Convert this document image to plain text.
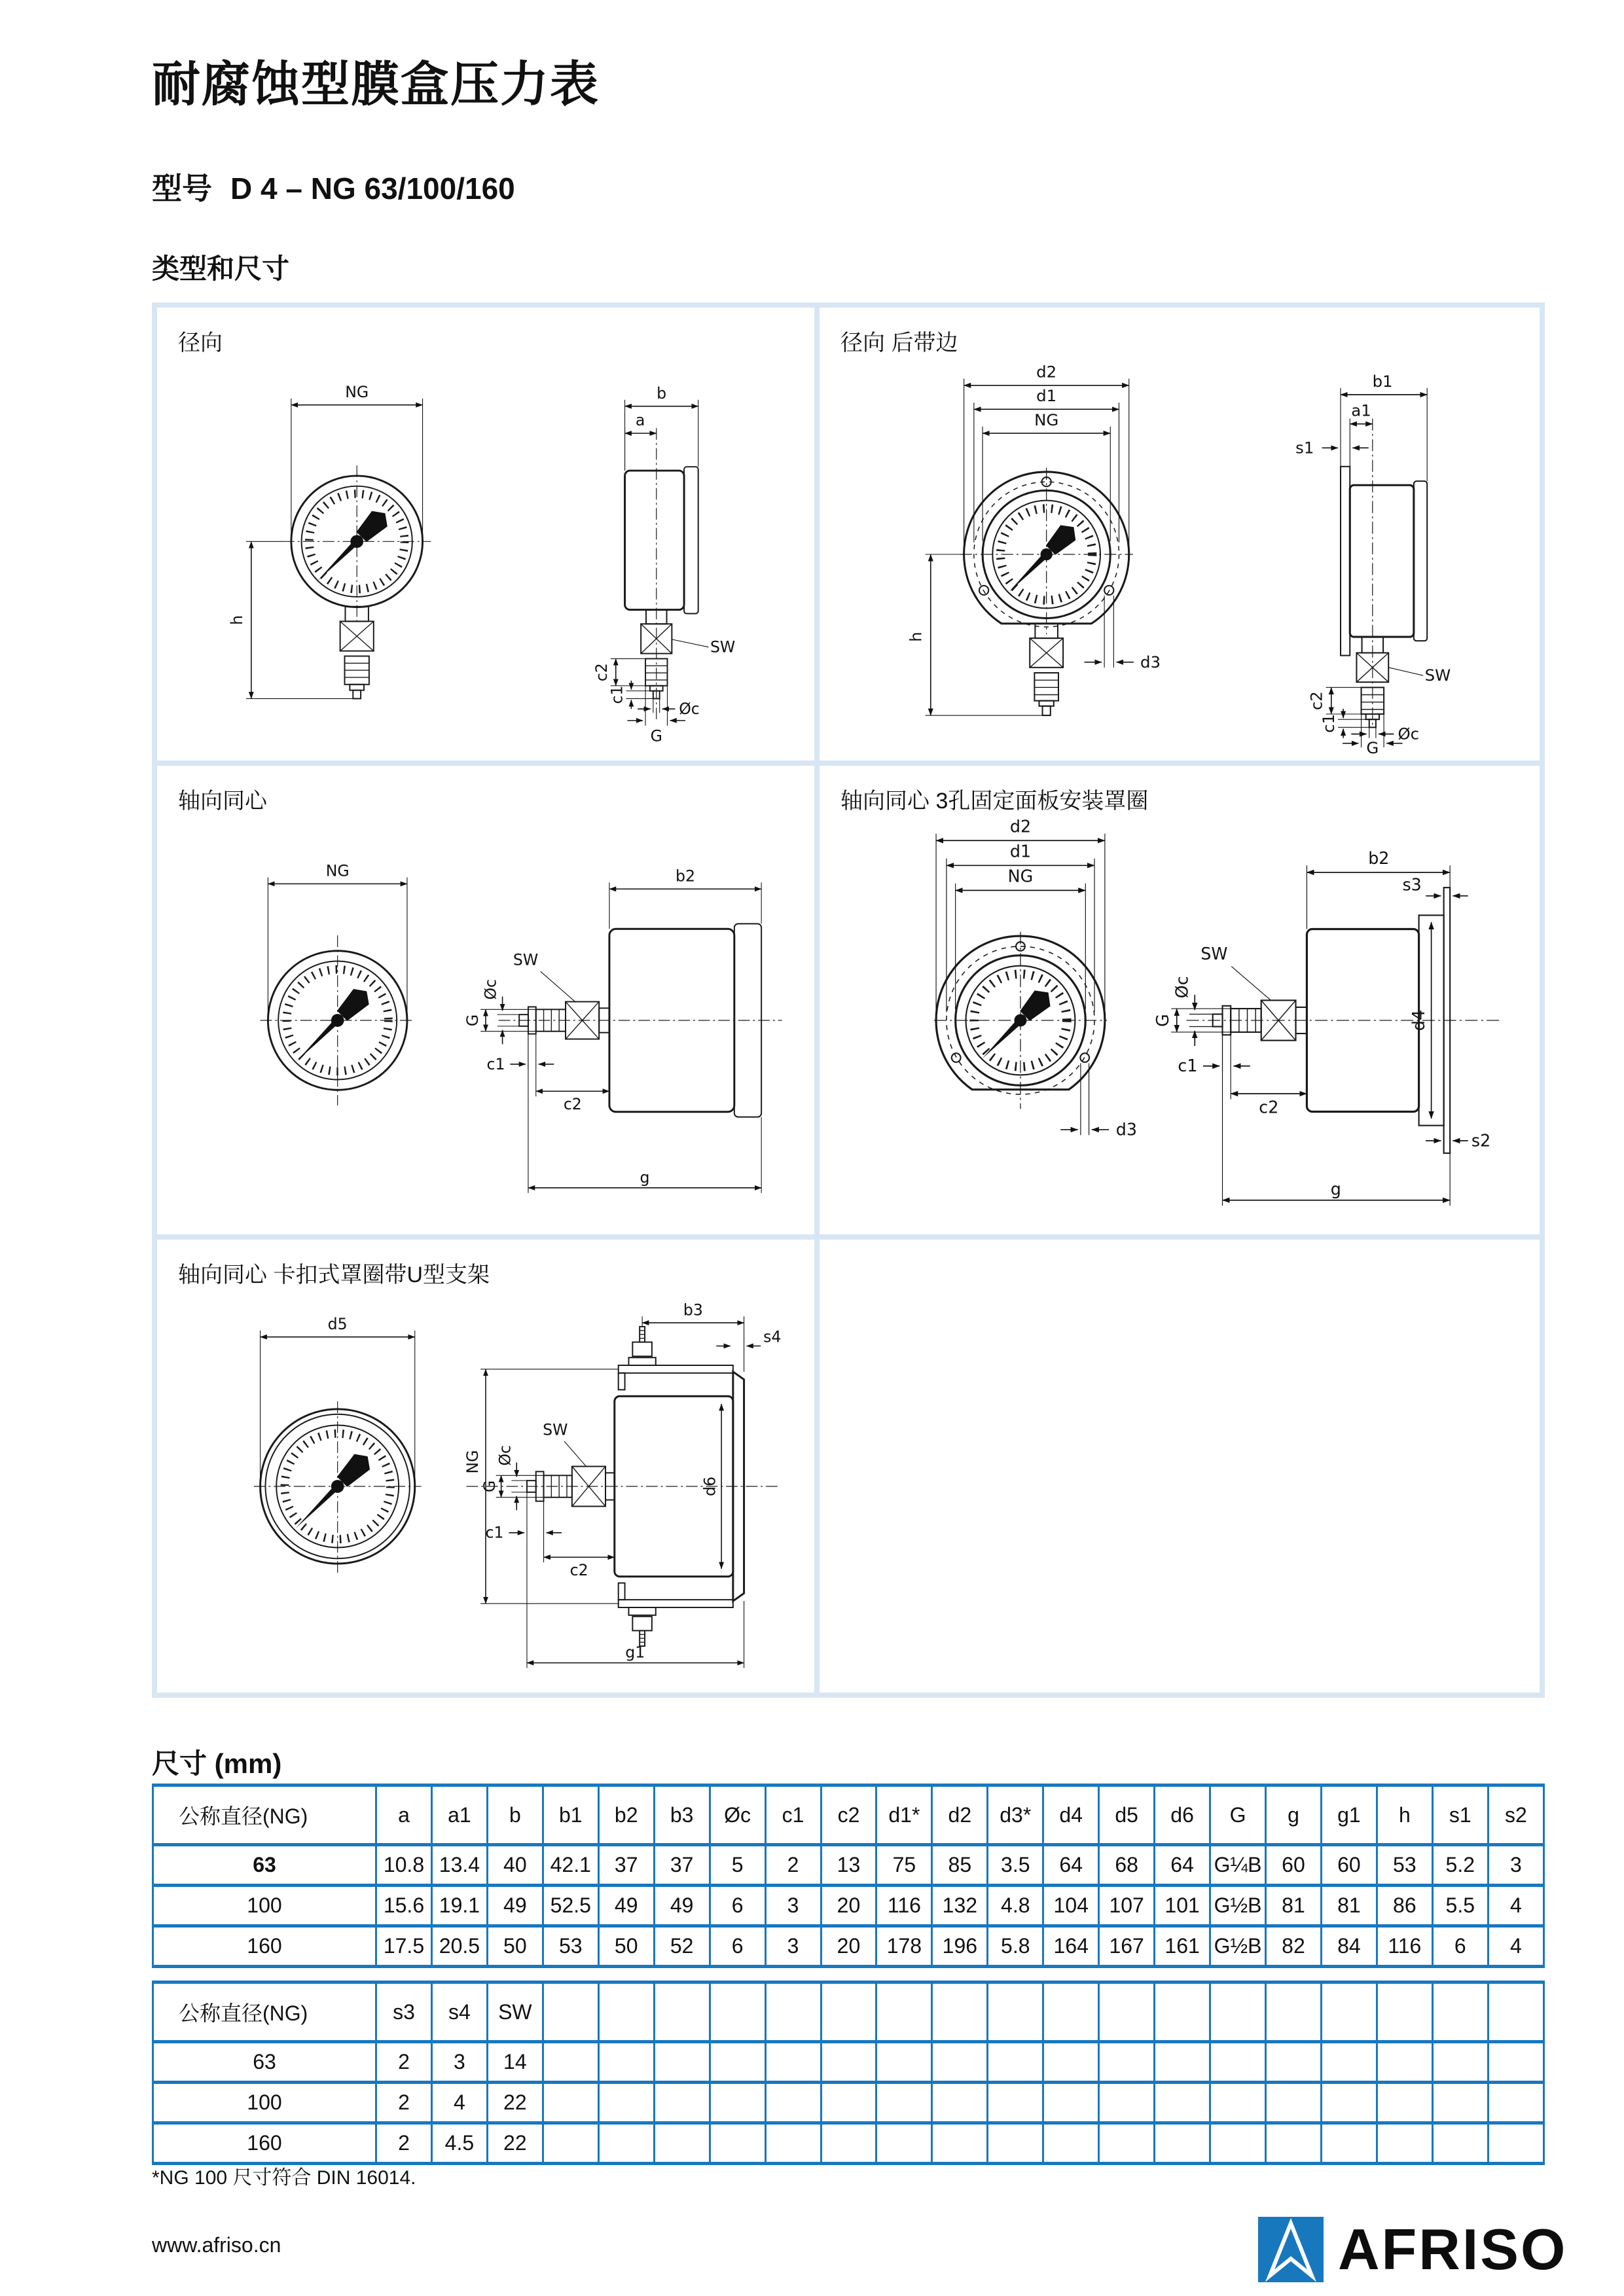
耐腐蚀型膜盒压力表
型号 D 4 – NG 63/100/160
类型和尺寸
径向
NG
h
b
a
SW
c2
c1
Øc
G
径向 后带边
d2
d1
NG
h
d3
b1
a1
s1
SW
c2
c1
Øc
G
轴向同心
NG	b2
SW
G
Øc
c1
c2
g
轴向同心 3孔固定面板安装罩圈
d2
d1
NG
d3
b2
s3
d4
s2
SW
G
Øc
c1
c2
g
轴向同心 卡扣式罩圈带U型支架
d5
b3
s4
NG
G
Øc
SW
c1
c2
d6
g1
尺寸 (mm)
公称直径(NG)	a	a1	b	b1	b2	b3	Øc	c1	c2	d1*	d2	d3*	d4	d5	d6	G	g	g1	h	s1	s2
63	10.8	13.4	40	42.1	37	37	5	2	13	75	85	3.5	64	68	64	G¼B	60	60	53	5.2	3
100	15.6	19.1	49	52.5	49	49	6	3	20	116	132	4.8	104	107	101	G½B	81	81	86	5.5	4
160	17.5	20.5	50	53	50	52	6	3	20	178	196	5.8	164	167	161	G½B	82	84	116	6	4
公称直径(NG)	s3	s4	SW																		
63	2	3	14																		
100	2	4	22																		
160	2	4.5	22																		
*NG 100 尺寸符合 DIN 16014.
www.afriso.cn	AFRISO
